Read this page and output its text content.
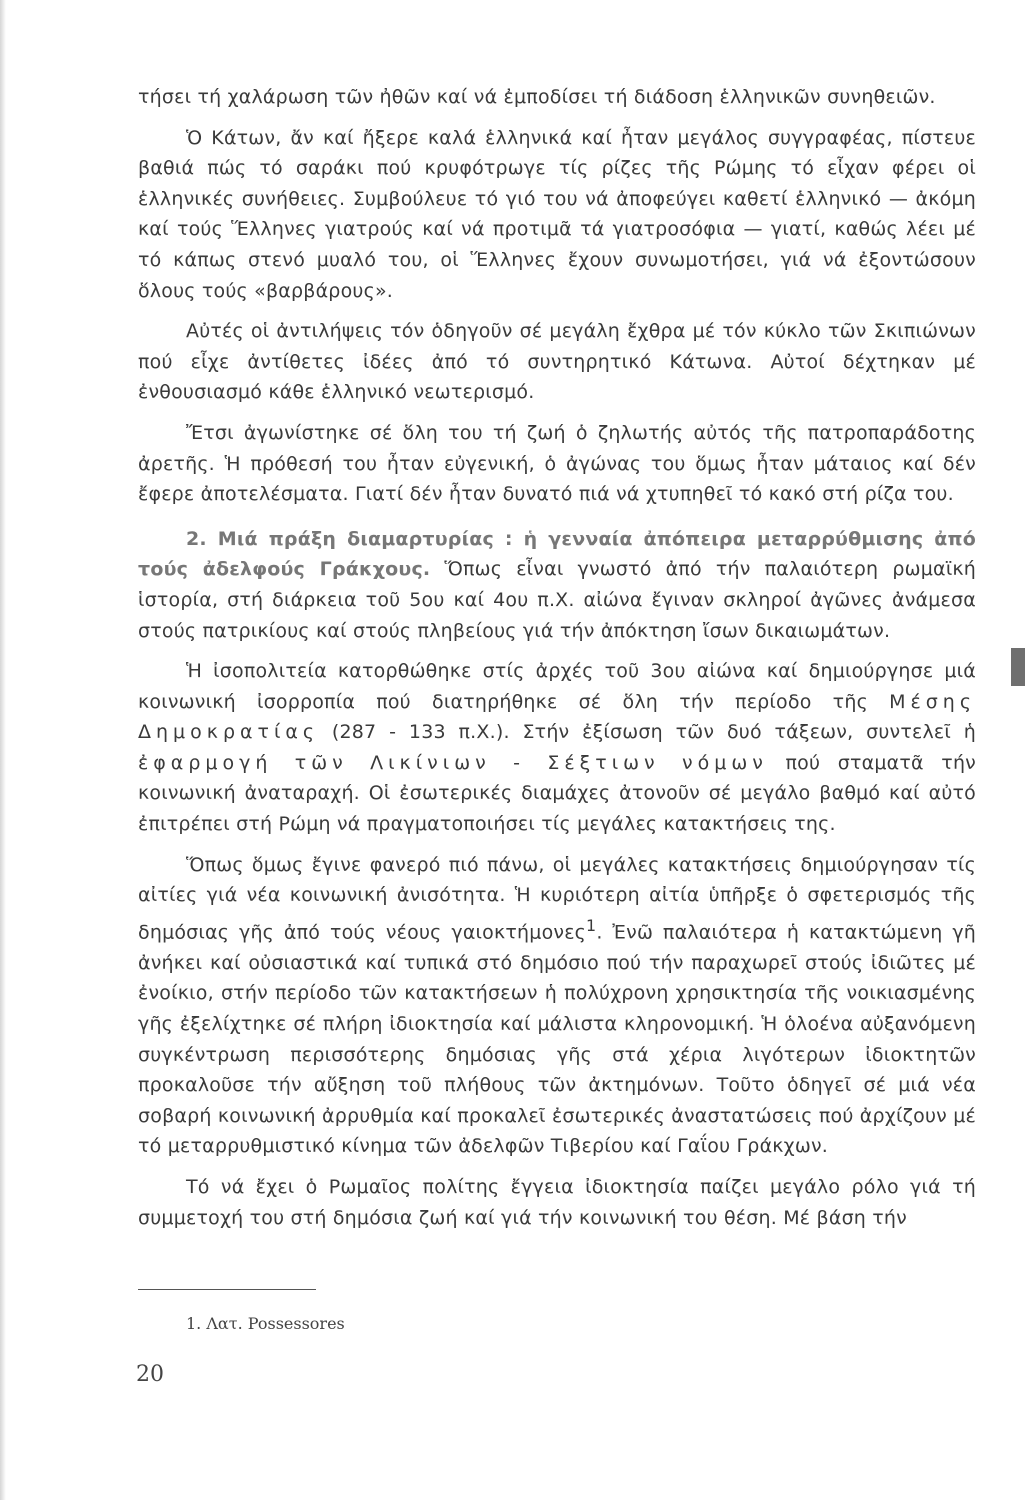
τήσει τή χαλάρωση τῶν ἠθῶν καί νά ἐμποδίσει τή διάδοση ἑλληνικῶν συνηθειῶν.

Ὁ Κάτων, ἄν καί ἤξερε καλά ἑλληνικά καί ἦταν μεγάλος συγγραφέας, πίστευε βαθιά πώς τό σαράκι πού κρυφότρωγε τίς ρίζες τῆς Ρώμης τό εἶχαν φέρει οἱ ἑλληνικές συνήθειες. Συμβούλευε τό γιό του νά ἀποφεύγει καθετί ἑλληνικό — ἀκόμη καί τούς Ἕλληνες γιατρούς καί νά προτιμᾶ τά γιατροσόφια — γιατί, καθώς λέει μέ τό κάπως στενό μυαλό του, οἱ Ἕλληνες ἔχουν συνωμοτήσει, γιά νά ἐξοντώσουν ὅλους τούς «βαρβάρους».

Αὐτές οἱ ἀντιλήψεις τόν ὁδηγοῦν σέ μεγάλη ἔχθρα μέ τόν κύκλο τῶν Σκιπιώνων πού εἶχε ἀντίθετες ἰδέες ἀπό τό συντηρητικό Κάτωνα. Αὐτοί δέχτηκαν μέ ἐνθουσιασμό κάθε ἑλληνικό νεωτερισμό.

Ἔτσι ἀγωνίστηκε σέ ὅλη του τή ζωή ὁ ζηλωτής αὐτός τῆς πατροπαράδοτης ἀρετῆς. Ἡ πρόθεσή του ἦταν εὐγενική, ὁ ἀγώνας του ὅμως ἦταν μάταιος καί δέν ἔφερε ἀποτελέσματα. Γιατί δέν ἦταν δυνατό πιά νά χτυπηθεῖ τό κακό στή ρίζα του.

2. Μιά πράξη διαμαρτυρίας : ἡ γενναία ἀπόπειρα μεταρρύθμισης ἀπό τούς ἀδελφούς Γράκχους. Ὅπως εἶναι γνωστό ἀπό τήν παλαιότερη ρωμαϊκή ἱστορία, στή διάρκεια τοῦ 5ου καί 4ου π.Χ. αἰώνα ἔγιναν σκληροί ἀγῶνες ἀνάμεσα στούς πατρικίους καί στούς πληβείους γιά τήν ἀπόκτηση ἴσων δικαιωμάτων.

Ἡ ἰσοπολιτεία κατορθώθηκε στίς ἀρχές τοῦ 3ου αἰώνα καί δημιούργησε μιά κοινωνική ἰσορροπία πού διατηρήθηκε σέ ὅλη τήν περίοδο τῆς Μέσης Δημοκρατίας (287 - 133 π.Χ.). Στήν ἐξίσωση τῶν δυό τάξεων, συντελεῖ ἡ ἐφαρμογή τῶν Λικίνιων - Σέξτιων νόμων πού σταματᾶ τήν κοινωνική ἀναταραχή. Οἱ ἐσωτερικές διαμάχες ἀτονοῦν σέ μεγάλο βαθμό καί αὐτό ἐπιτρέπει στή Ρώμη νά πραγματοποιήσει τίς μεγάλες κατακτήσεις της.

Ὅπως ὅμως ἔγινε φανερό πιό πάνω, οἱ μεγάλες κατακτήσεις δημιούργησαν τίς αἰτίες γιά νέα κοινωνική ἀνισότητα. Ἡ κυριότερη αἰτία ὑπῆρξε ὁ σφετερισμός τῆς δημόσιας γῆς ἀπό τούς νέους γαιοκτήμονες$^1$. Ἐνῶ παλαιότερα ἡ κατακτώμενη γῆ ἀνήκει καί οὐσιαστικά καί τυπικά στό δημόσιο πού τήν παραχωρεῖ στούς ἰδιῶτες μέ ἐνοίκιο, στήν περίοδο τῶν κατακτήσεων ἡ πολύχρονη χρησικτησία τῆς νοικιασμένης γῆς ἐξελίχτηκε σέ πλήρη ἰδιοκτησία καί μάλιστα κληρονομική. Ἡ ὁλοένα αὐξανόμενη συγκέντρωση περισσότερης δημόσιας γῆς στά χέρια λιγότερων ἰδιοκτητῶν προκαλοῦσε τήν αὔξηση τοῦ πλήθους τῶν ἀκτημόνων. Τοῦτο ὁδηγεῖ σέ μιά νέα σοβαρή κοινωνική ἀρρυθμία καί προκαλεῖ ἐσωτερικές ἀναστατώσεις πού ἀρχίζουν μέ τό μεταρρυθμιστικό κίνημα τῶν ἀδελφῶν Τιβερίου καί Γαΐου Γράκχων.

Τό νά ἔχει ὁ Ρωμαῖος πολίτης ἔγγεια ἰδιοκτησία παίζει μεγάλο ρόλο γιά τή συμμετοχή του στή δημόσια ζωή καί γιά τήν κοινωνική του θέση. Μέ βάση τήν

1. Λατ. Possessores
20
